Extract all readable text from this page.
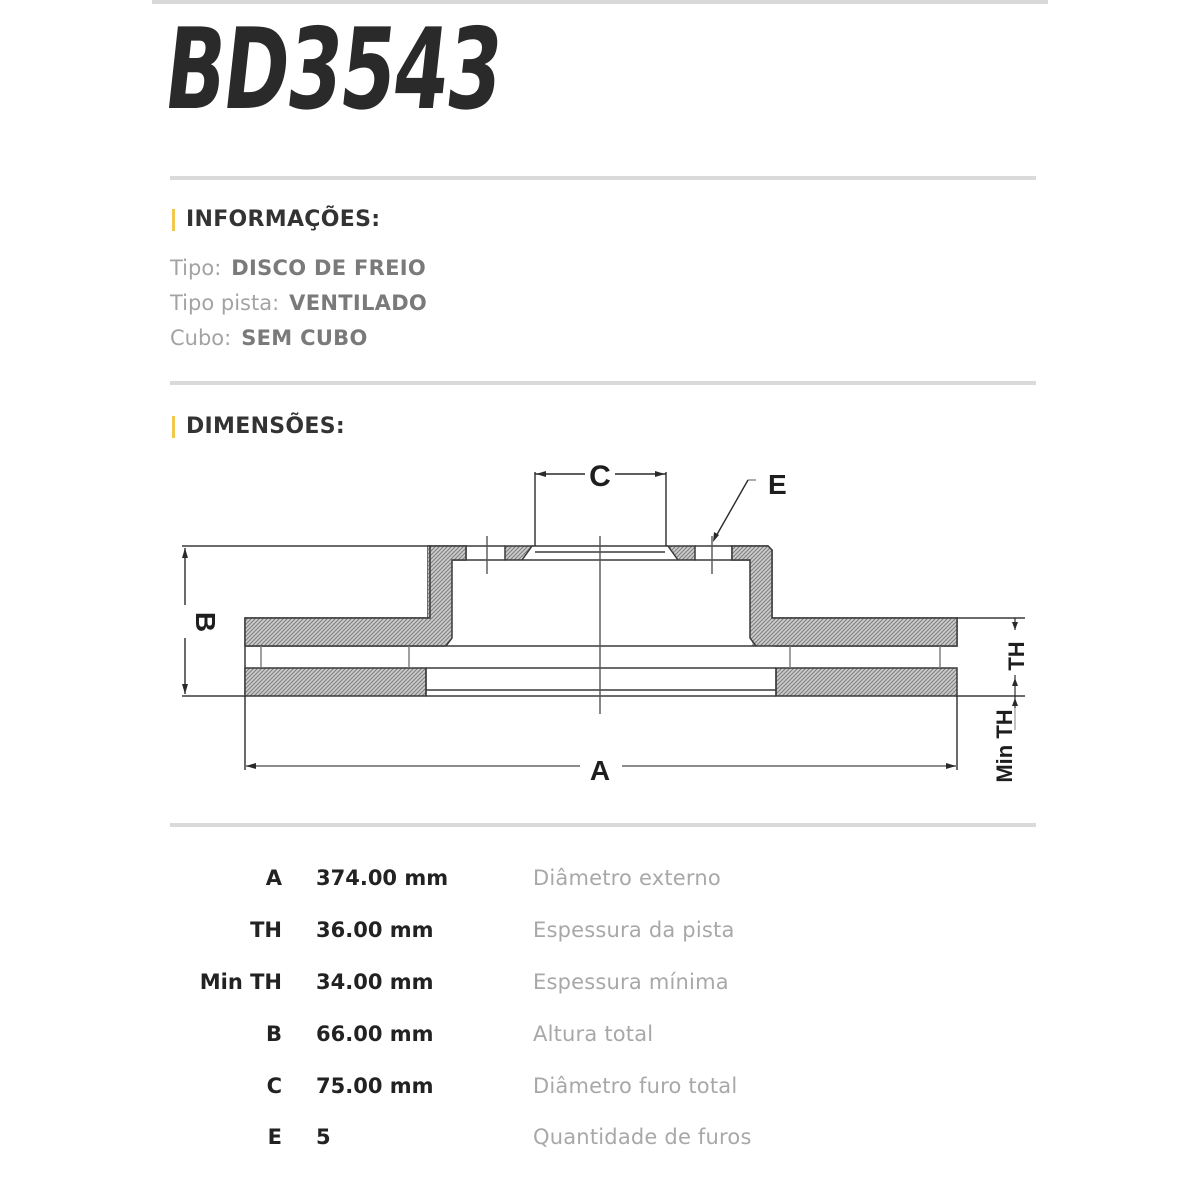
BD3543
INFORMAÇÕES:
Tipo: DISCO DE FREIO
Tipo pista: VENTILADO
Cubo: SEM CUBO
DIMENSÕES:
C	E
B
A
TH
Min TH
A 374.00 mm	Diâmetro externo
TH 36.00 mm	Espessura da pista
Min TH 34.00 mm	Espessura mínima
B 66.00 mm	Altura total
C 75.00 mm	Diâmetro furo total
E 5	Quantidade de furos
